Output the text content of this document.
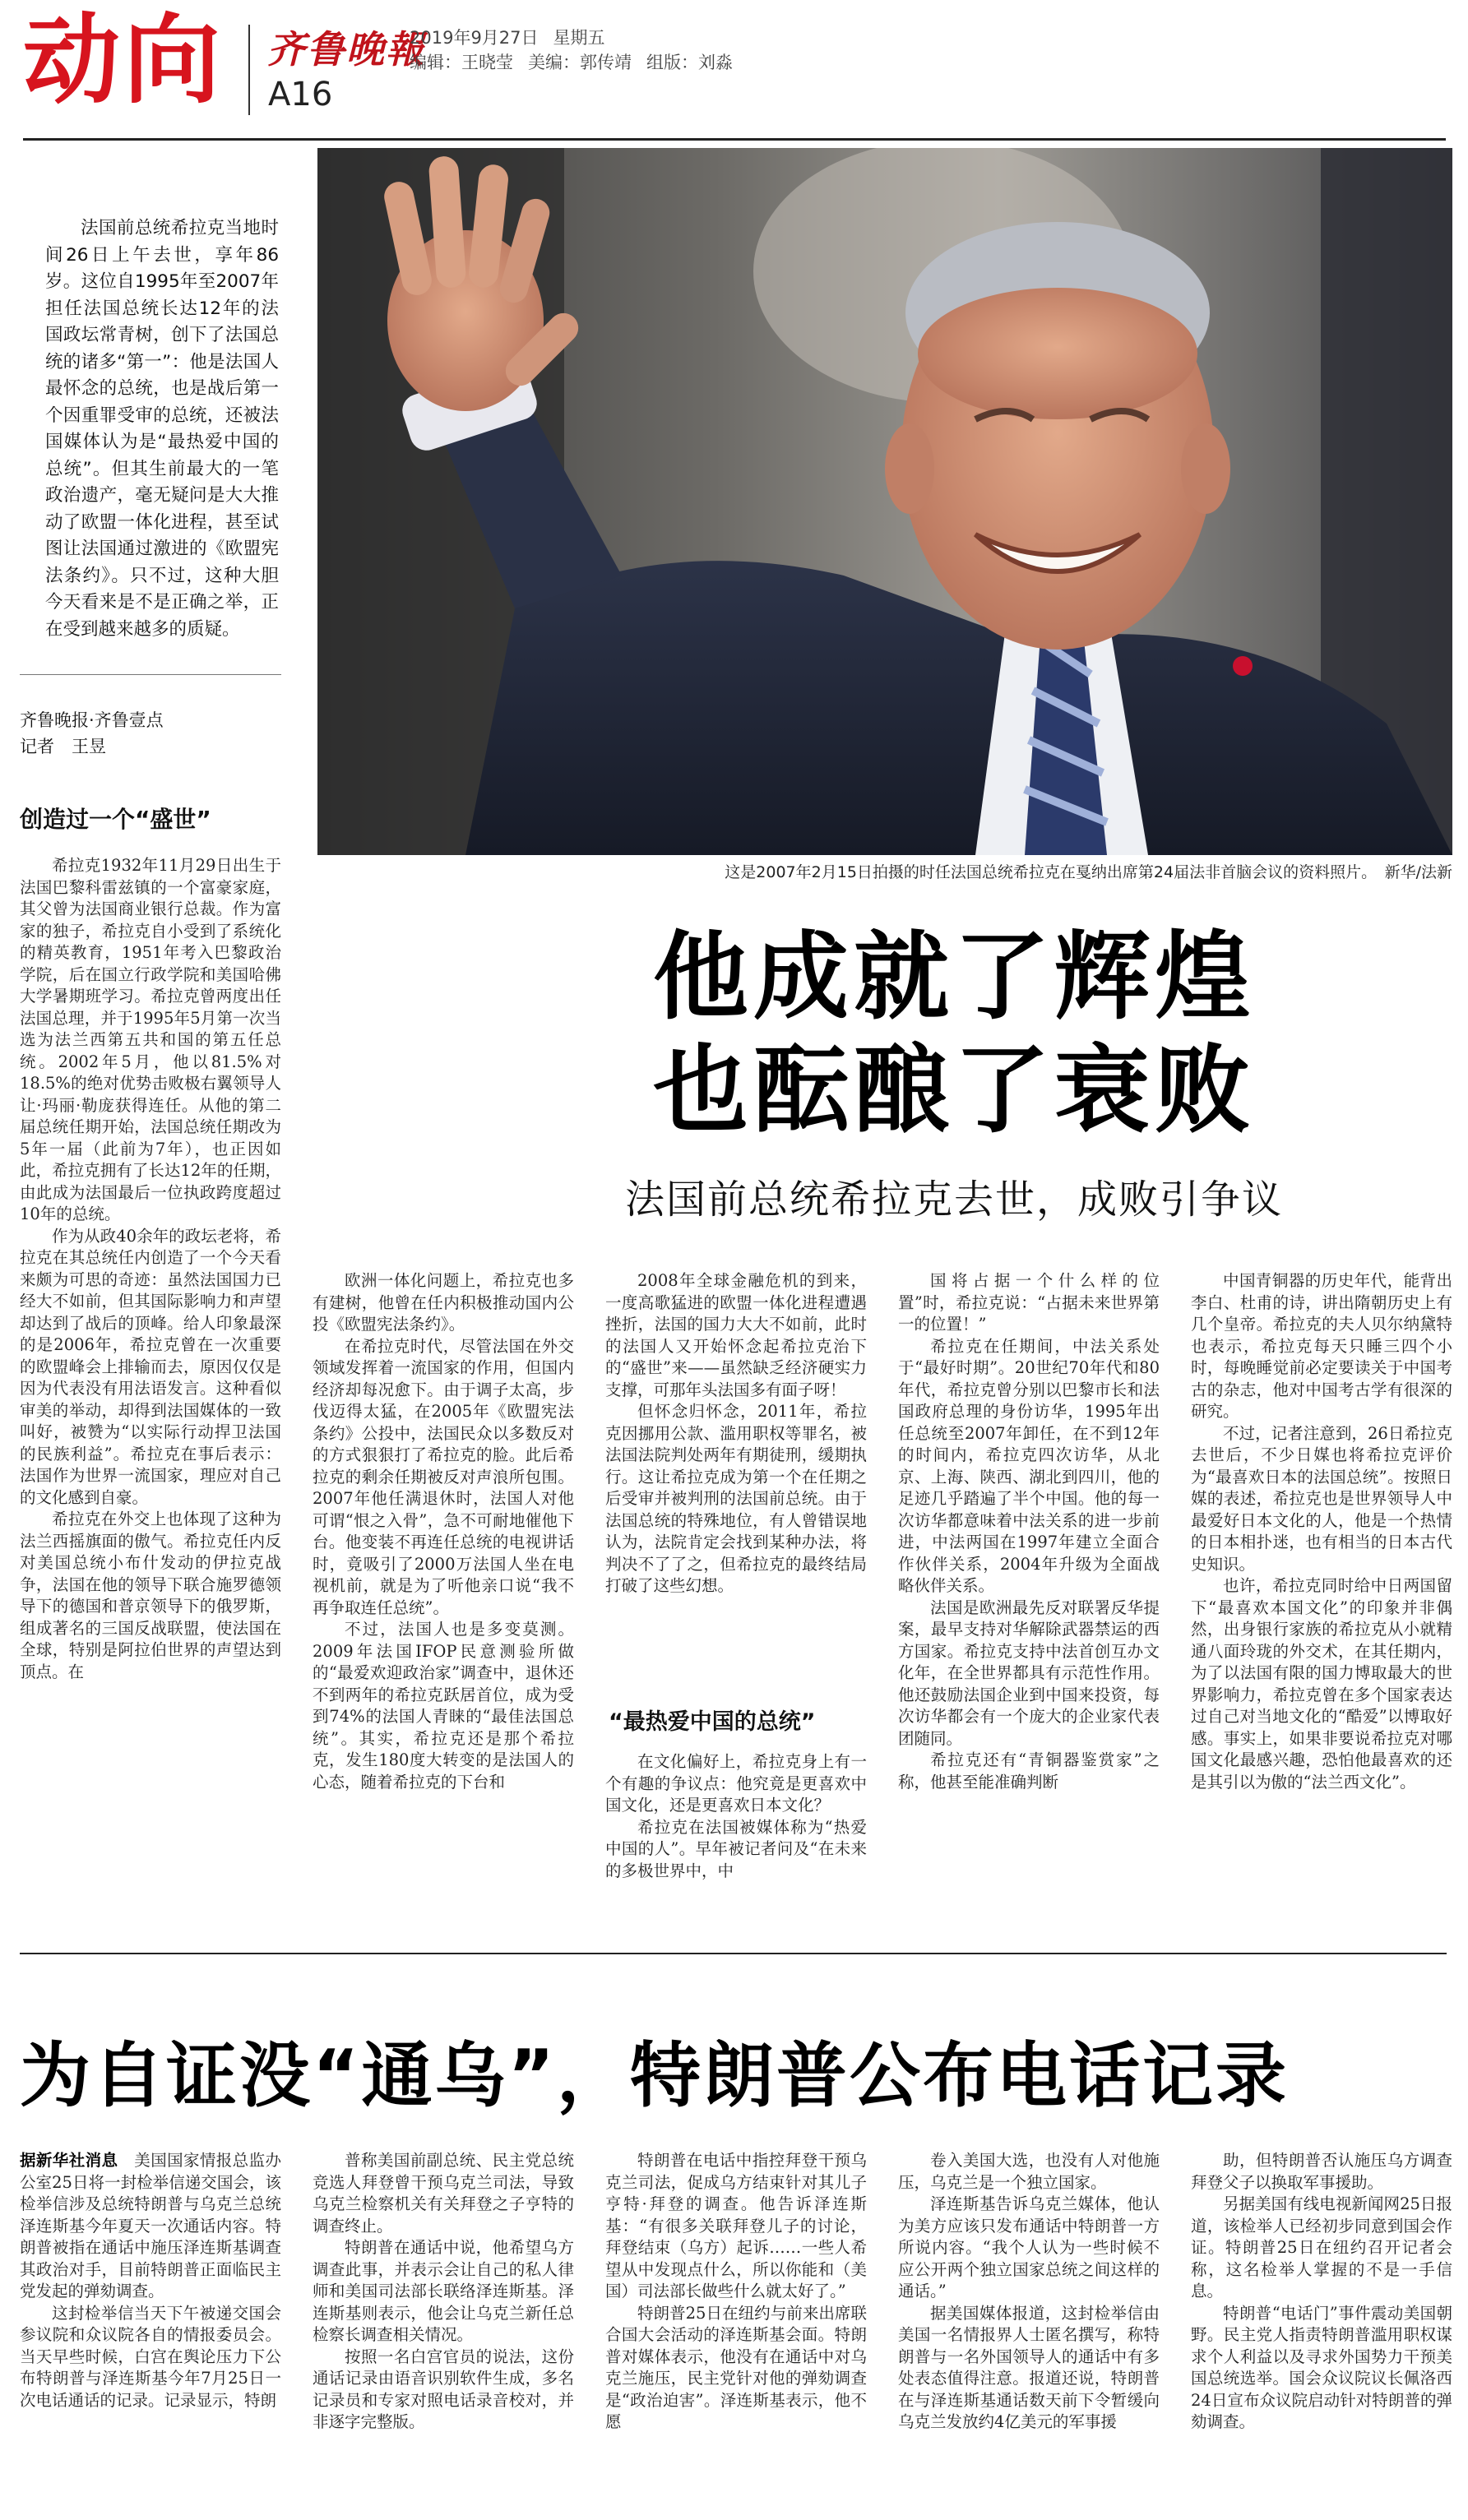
动向 齐鲁晚報
A16
2019年9月27日 星期五
编辑：王晓莹 美编：郭传靖 组版：刘淼
法国前总统希拉克当地时间26日上午去世，享年86岁。这位自1995年至2007年担任法国总统长达12年的法国政坛常青树，创下了法国总统的诸多“第一”：他是法国人最怀念的总统，也是战后第一个因重罪受审的总统，还被法国媒体认为是“最热爱中国的总统”。但其生前最大的一笔政治遗产，毫无疑问是大大推动了欧盟一体化进程，甚至试图让法国通过激进的《欧盟宪法条约》。只不过，这种大胆今天看来是不是正确之举，正在受到越来越多的质疑。
齐鲁晚报·齐鲁壹点
记者　王昱
这是2007年2月15日拍摄的时任法国总统希拉克在戛纳出席第24届法非首脑会议的资料照片。　新华/法新
他成就了辉煌
也酝酿了衰败
法国前总统希拉克去世，成败引争议
创造过一个“盛世”

希拉克1932年11月29日出生于法国巴黎科雷兹镇的一个富豪家庭，其父曾为法国商业银行总裁。作为富家的独子，希拉克自小受到了系统化的精英教育，1951年考入巴黎政治学院，后在国立行政学院和美国哈佛大学暑期班学习。希拉克曾两度出任法国总理，并于1995年5月第一次当选为法兰西第五共和国的第五任总统。2002年5月，他以81.5%对18.5%的绝对优势击败极右翼领导人让·玛丽·勒庞获得连任。从他的第二届总统任期开始，法国总统任期改为5年一届（此前为7年），也正因如此，希拉克拥有了长达12年的任期，由此成为法国最后一位执政跨度超过10年的总统。

作为从政40余年的政坛老将，希拉克在其总统任内创造了一个今天看来颇为可思的奇迹：虽然法国国力已经大不如前，但其国际影响力和声望却达到了战后的顶峰。给人印象最深的是2006年，希拉克曾在一次重要的欧盟峰会上排输而去，原因仅仅是因为代表没有用法语发言。这种看似审美的举动，却得到法国媒体的一致叫好，被赞为“以实际行动捍卫法国的民族利益”。希拉克在事后表示：法国作为世界一流国家，理应对自己的文化感到自豪。

希拉克在外交上也体现了这种为法兰西摇旗面的傲气。希拉克任内反对美国总统小布什发动的伊拉克战争，法国在他的领导下联合施罗德领导下的德国和普京领导下的俄罗斯，组成著名的三国反战联盟，使法国在全球，特别是阿拉伯世界的声望达到顶点。在

欧洲一体化问题上，希拉克也多有建树，他曾在任内积极推动国内公投《欧盟宪法条约》。

在希拉克时代，尽管法国在外交领域发挥着一流国家的作用，但国内经济却每况愈下。由于调子太高，步伐迈得太猛，在2005年《欧盟宪法条约》公投中，法国民众以多数反对的方式狠狠打了希拉克的脸。此后希拉克的剩余任期被反对声浪所包围。2007年他任满退休时，法国人对他可谓“恨之入骨”，急不可耐地催他下台。他变装不再连任总统的电视讲话时，竟吸引了2000万法国人坐在电视机前，就是为了听他亲口说“我不再争取连任总统”。

不过，法国人也是多变莫测。2009年法国IFOP民意测验所做的“最爱欢迎政治家”调查中，退休还不到两年的希拉克跃居首位，成为受到74%的法国人青睐的“最佳法国总统”。其实，希拉克还是那个希拉克，发生180度大转变的是法国人的心态，随着希拉克的下台和

2008年全球金融危机的到来，一度高歌猛进的欧盟一体化进程遭遇挫折，法国的国力大大不如前，此时的法国人又开始怀念起希拉克治下的“盛世”来——虽然缺乏经济硬实力支撑，可那年头法国多有面子呀！

但怀念归怀念，2011年，希拉克因挪用公款、滥用职权等罪名，被法国法院判处两年有期徒刑，缓期执行。这让希拉克成为第一个在任期之后受审并被判刑的法国前总统。由于法国总统的特殊地位，有人曾错误地认为，法院肯定会找到某种办法，将判决不了了之，但希拉克的最终结局打破了这些幻想。

“最热爱中国的总统”

在文化偏好上，希拉克身上有一个有趣的争议点：他究竟是更喜欢中国文化，还是更喜欢日本文化？

希拉克在法国被媒体称为“热爱中国的人”。早年被记者问及“在未来的多极世界中，中

国将占据一个什么样的位置”时，希拉克说：“占据未来世界第一的位置！”

希拉克在任期间，中法关系处于“最好时期”。20世纪70年代和80年代，希拉克曾分别以巴黎市长和法国政府总理的身份访华，1995年出任总统至2007年卸任，在不到12年的时间内，希拉克四次访华，从北京、上海、陕西、湖北到四川，他的足迹几乎踏遍了半个中国。他的每一次访华都意味着中法关系的进一步前进，中法两国在1997年建立全面合作伙伴关系，2004年升级为全面战略伙伴关系。

法国是欧洲最先反对联署反华提案，最早支持对华解除武器禁运的西方国家。希拉克支持中法首创互办文化年，在全世界都具有示范性作用。他还鼓励法国企业到中国来投资，每次访华都会有一个庞大的企业家代表团随同。

希拉克还有“青铜器鉴赏家”之称，他甚至能准确判断

中国青铜器的历史年代，能背出李白、杜甫的诗，讲出隋朝历史上有几个皇帝。希拉克的夫人贝尔纳黛特也表示，希拉克每天只睡三四个小时，每晚睡觉前必定要读关于中国考古的杂志，他对中国考古学有很深的研究。

不过，记者注意到，26日希拉克去世后，不少日媒也将希拉克评价为“最喜欢日本的法国总统”。按照日媒的表述，希拉克也是世界领导人中最爱好日本文化的人，他是一个热情的日本相扑迷，也有相当的日本古代史知识。

也许，希拉克同时给中日两国留下“最喜欢本国文化”的印象并非偶然，出身银行家族的希拉克从小就精通八面玲珑的外交术，在其任期内，为了以法国有限的国力博取最大的世界影响力，希拉克曾在多个国家表达过自己对当地文化的“酷爱”以博取好感。事实上，如果非要说希拉克对哪国文化最感兴趣，恐怕他最喜欢的还是其引以为傲的“法兰西文化”。

为自证没“通乌”，特朗普公布电话记录

据新华社消息　 美国国家情报总监办公室25日将一封检举信递交国会，该检举信涉及总统特朗普与乌克兰总统泽连斯基今年夏天一次通话内容。特朗普被指在通话中施压泽连斯基调查其政治对手，目前特朗普正面临民主党发起的弹劾调查。

这封检举信当天下午被递交国会参议院和众议院各自的情报委员会。当天早些时候，白宫在舆论压力下公布特朗普与泽连斯基今年7月25日一次电话通话的记录。记录显示，特朗

普称美国前副总统、民主党总统竞选人拜登曾干预乌克兰司法，导致乌克兰检察机关有关拜登之子亨特的调查终止。

特朗普在通话中说，他希望乌方调查此事，并表示会让自己的私人律师和美国司法部长联络泽连斯基。泽连斯基则表示，他会让乌克兰新任总检察长调查相关情况。

按照一名白宫官员的说法，这份通话记录由语音识别软件生成，多名记录员和专家对照电话录音校对，并非逐字完整版。

特朗普在电话中指控拜登干预乌克兰司法，促成乌方结束针对其儿子亨特·拜登的调查。他告诉泽连斯基：“有很多关联拜登儿子的讨论，拜登结束（乌方）起诉……一些人希望从中发现点什么，所以你能和（美国）司法部长做些什么就太好了。”

特朗普25日在纽约与前来出席联合国大会活动的泽连斯基会面。特朗普对媒体表示，他没有在通话中对乌克兰施压，民主党针对他的弹劾调查是“政治迫害”。泽连斯基表示，他不愿

卷入美国大选，也没有人对他施压，乌克兰是一个独立国家。

泽连斯基告诉乌克兰媒体，他认为美方应该只发布通话中特朗普一方所说内容。“我个人认为一些时候不应公开两个独立国家总统之间这样的通话。”

据美国媒体报道，这封检举信由美国一名情报界人士匿名撰写，称特朗普与一名外国领导人的通话中有多处表态值得注意。报道还说，特朗普在与泽连斯基通话数天前下令暂缓向乌克兰发放约4亿美元的军事援

助，但特朗普否认施压乌方调查拜登父子以换取军事援助。

另据美国有线电视新闻网25日报道，该检举人已经初步同意到国会作证。特朗普25日在纽约召开记者会称，这名检举人掌握的不是一手信息。

特朗普“电话门”事件震动美国朝野。民主党人指责特朗普滥用职权谋求个人利益以及寻求外国势力干预美国总统选举。国会众议院议长佩洛西24日宣布众议院启动针对特朗普的弹劾调查。
